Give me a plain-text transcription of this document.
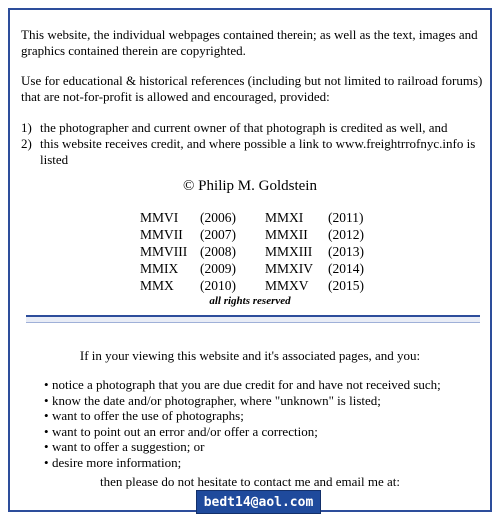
This website, the individual webpages contained therein; as well as the text, images and graphics contained therein are copyrighted.
Use for educational & historical references (including but not limited to railroad forums) that are not-for-profit is allowed and encouraged, provided:
1) the photographer and current owner of that photograph is credited as well, and
2) this website receives credit, and where possible a link to www.freightrrofnyc.info is listed
© Philip M. Goldstein
MMVI (2006) MMXI (2011)
MMVII (2007) MMXII (2012)
MMVIII (2008) MMXIII (2013)
MMIX (2009) MMXIV (2014)
MMX (2010) MMXV (2015)
all rights reserved
If in your viewing this website and it's associated pages, and you:
• notice a photograph that you are due credit for and have not received such;
• know the date and/or photographer, where "unknown" is listed;
• want to offer the use of photographs;
• want to point out an error and/or offer a correction;
• want to offer a suggestion; or
• desire more information;
then please do not hesitate to contact me and email me at:
bedt14@aol.com
